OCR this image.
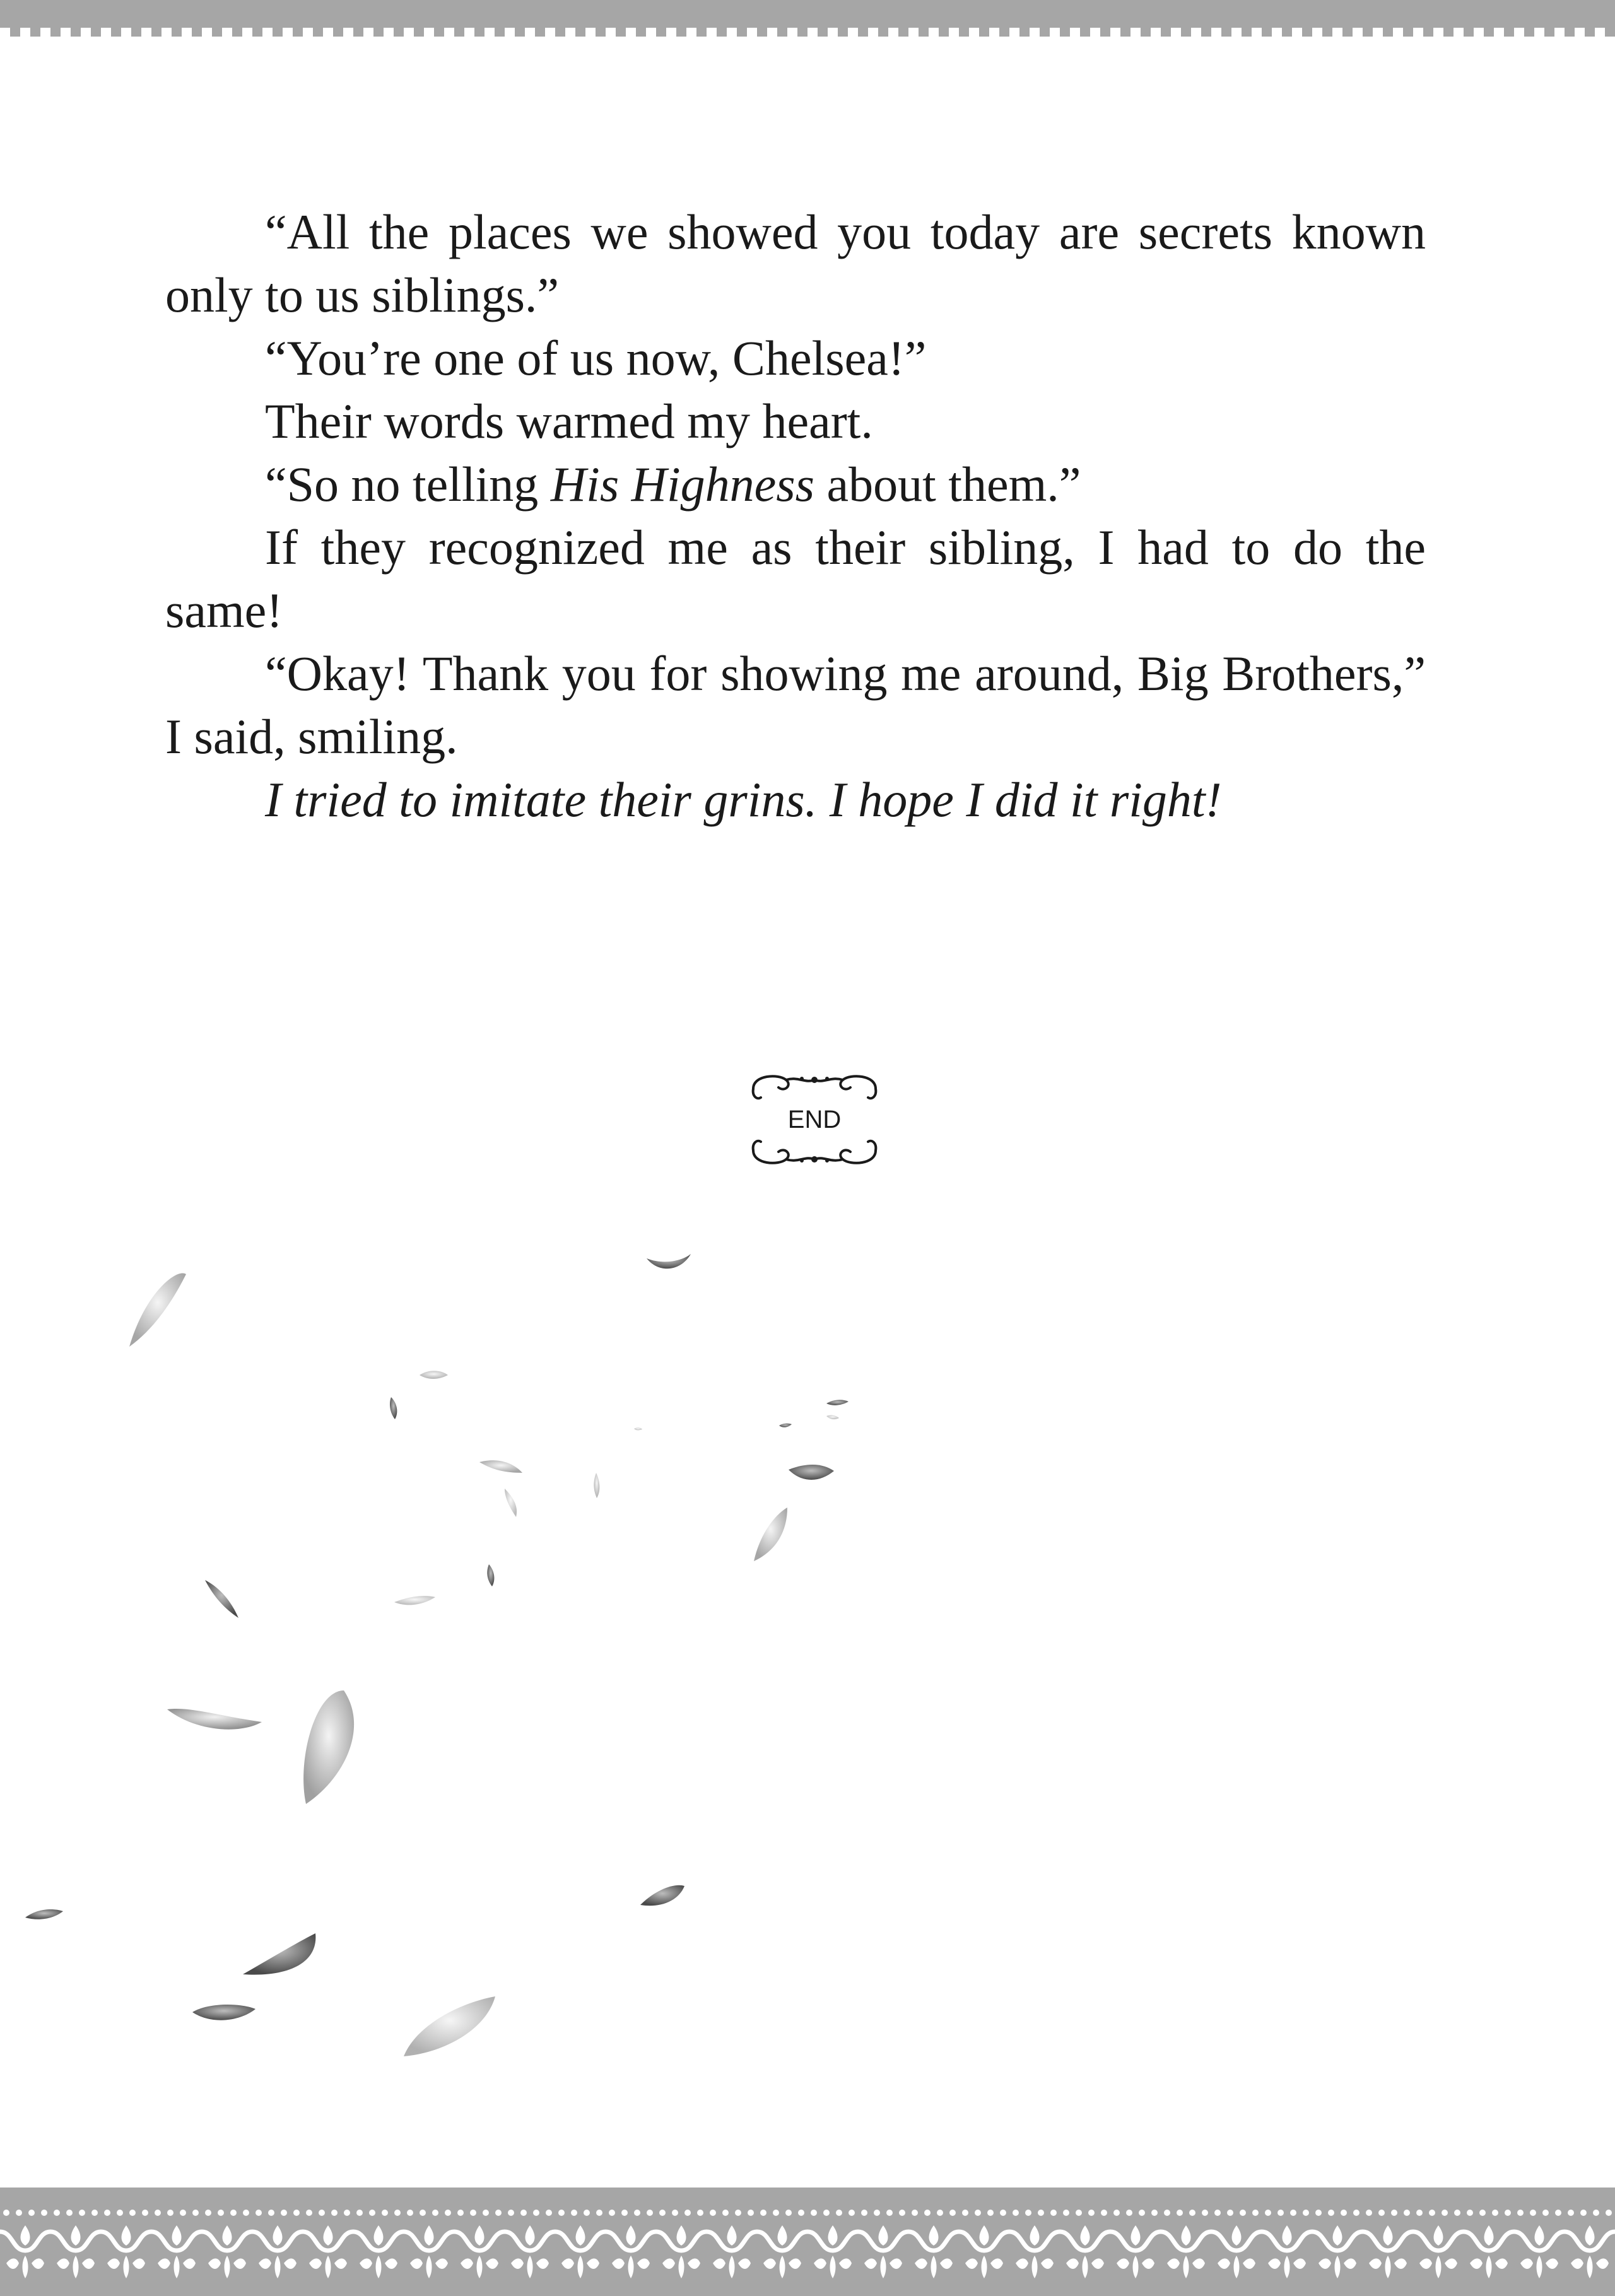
“All the places we showed you today are secrets known only to us siblings.”

“You’re one of us now, Chelsea!”

Their words warmed my heart.

“So no telling His Highness about them.”

If they recognized me as their sibling, I had to do the same!

“Okay! Thank you for showing me around, Big Brothers,” I said, smiling.

I tried to imitate their grins. I hope I did it right!

END
